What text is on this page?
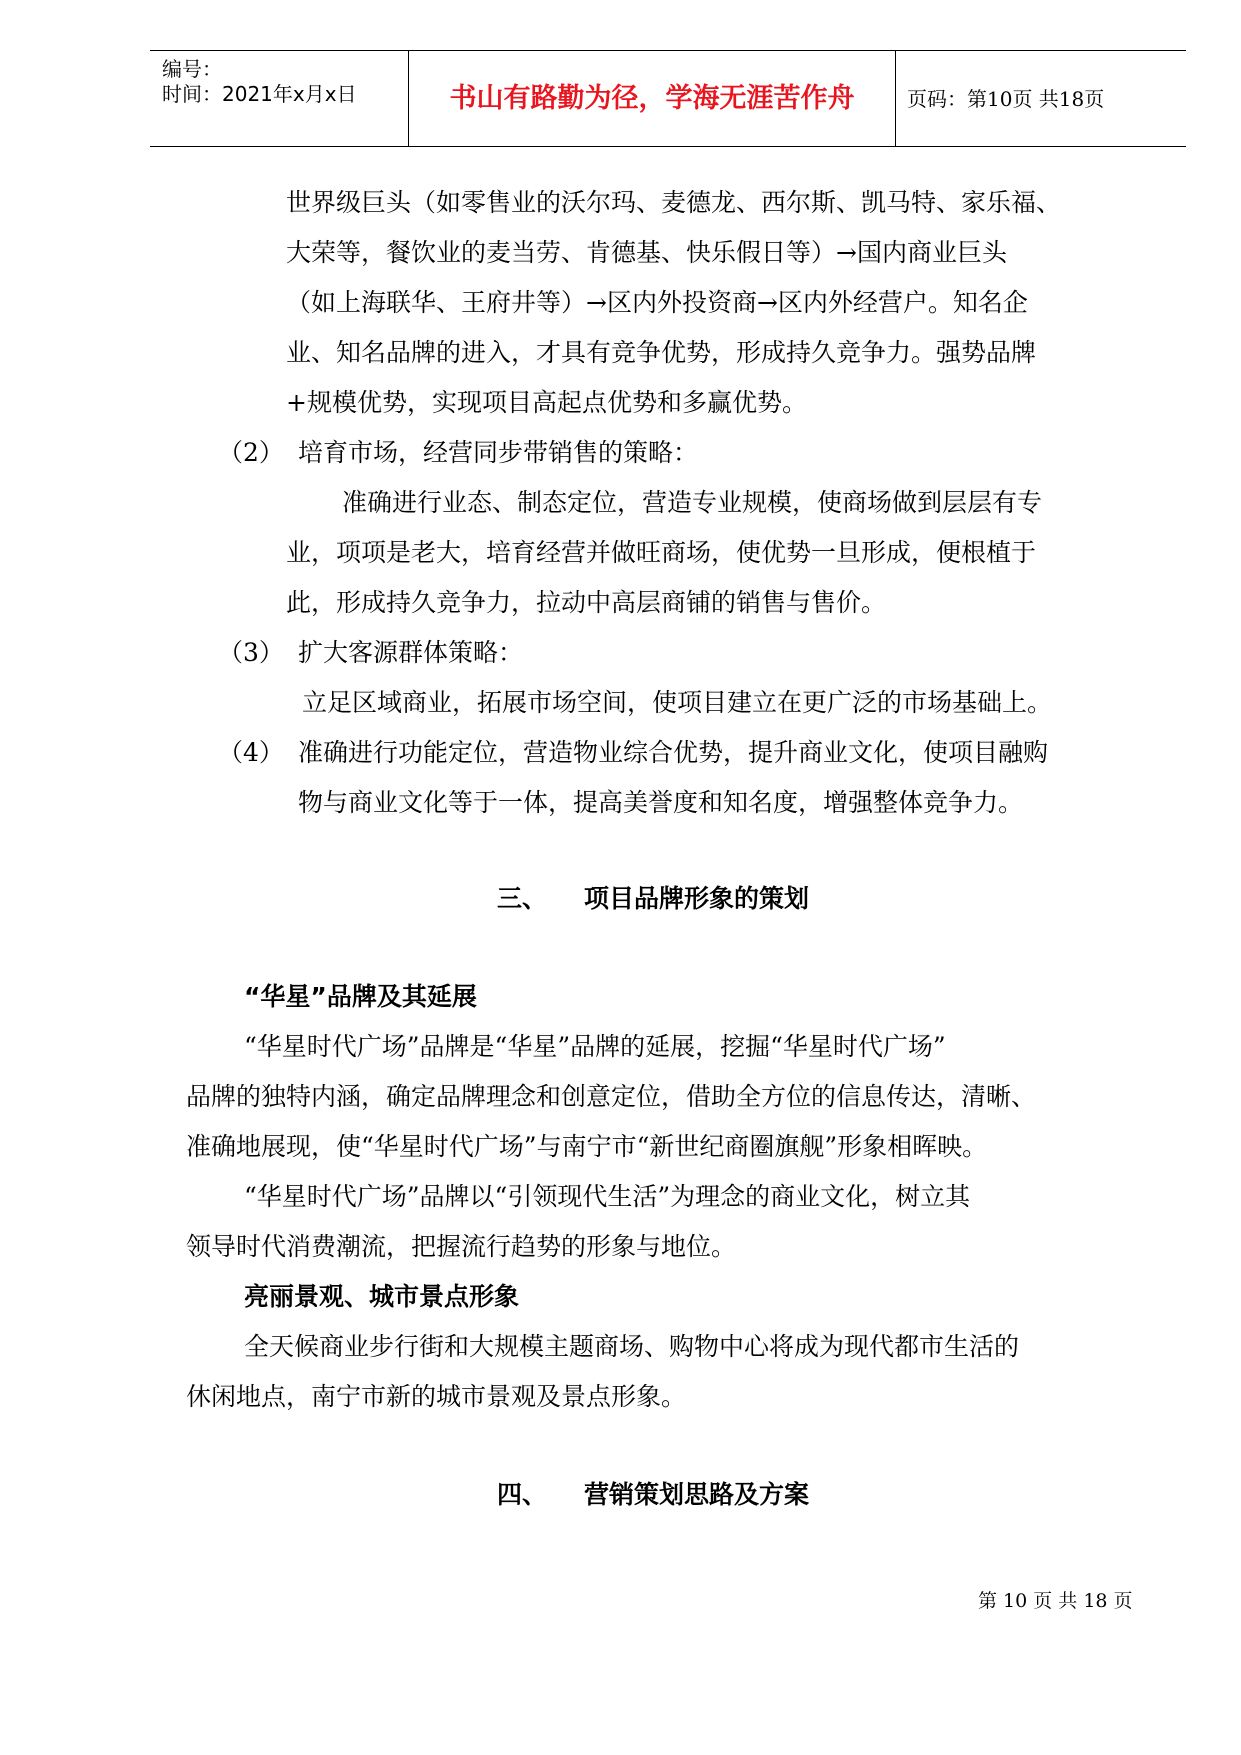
编号：
时间：2021年x月x日	书山有路勤为径，学海无涯苦作舟	页码：第10页 共18页
世界级巨头（如零售业的沃尔玛、麦德龙、西尔斯、凯马特、家乐福、
大荣等，餐饮业的麦当劳、肯德基、快乐假日等）→国内商业巨头
（如上海联华、王府井等）→区内外投资商→区内外经营户。知名企
业、知名品牌的进入，才具有竞争优势，形成持久竞争力。强势品牌
+规模优势，实现项目高起点优势和多赢优势。
（2） 培育市场，经营同步带销售的策略：
准确进行业态、制态定位，营造专业规模，使商场做到层层有专
业，项项是老大，培育经营并做旺商场，使优势一旦形成，便根植于
此，形成持久竞争力，拉动中高层商铺的销售与售价。
（3） 扩大客源群体策略：
立足区域商业，拓展市场空间，使项目建立在更广泛的市场基础上。
（4） 准确进行功能定位，营造物业综合优势，提升商业文化，使项目融购
物与商业文化等于一体，提高美誉度和知名度，增强整体竞争力。
三、 项目品牌形象的策划
“华星”品牌及其延展
“华星时代广场”品牌是“华星”品牌的延展，挖掘“华星时代广场”
品牌的独特内涵，确定品牌理念和创意定位，借助全方位的信息传达，清晰、
准确地展现，使“华星时代广场”与南宁市“新世纪商圈旗舰”形象相晖映。
“华星时代广场”品牌以“引领现代生活”为理念的商业文化，树立其
领导时代消费潮流，把握流行趋势的形象与地位。
亮丽景观、城市景点形象
全天候商业步行街和大规模主题商场、购物中心将成为现代都市生活的
休闲地点，南宁市新的城市景观及景点形象。
四、 营销策划思路及方案
第 10 页 共 18 页
